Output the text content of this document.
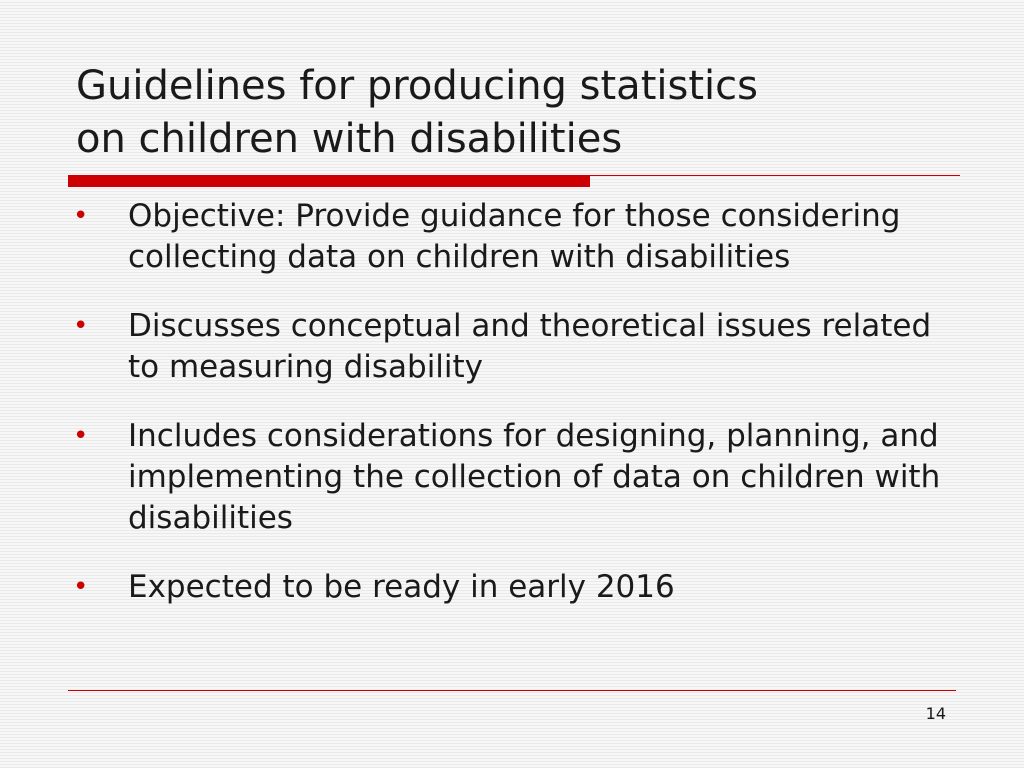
Guidelines for producing statistics
on children with disabilities
• Objective: Provide guidance for those considering collecting data on children with disabilities
• Discusses conceptual and theoretical issues related to measuring disability
• Includes considerations for designing, planning, and implementing the collection of data on children with disabilities
• Expected to be ready in early 2016
14
